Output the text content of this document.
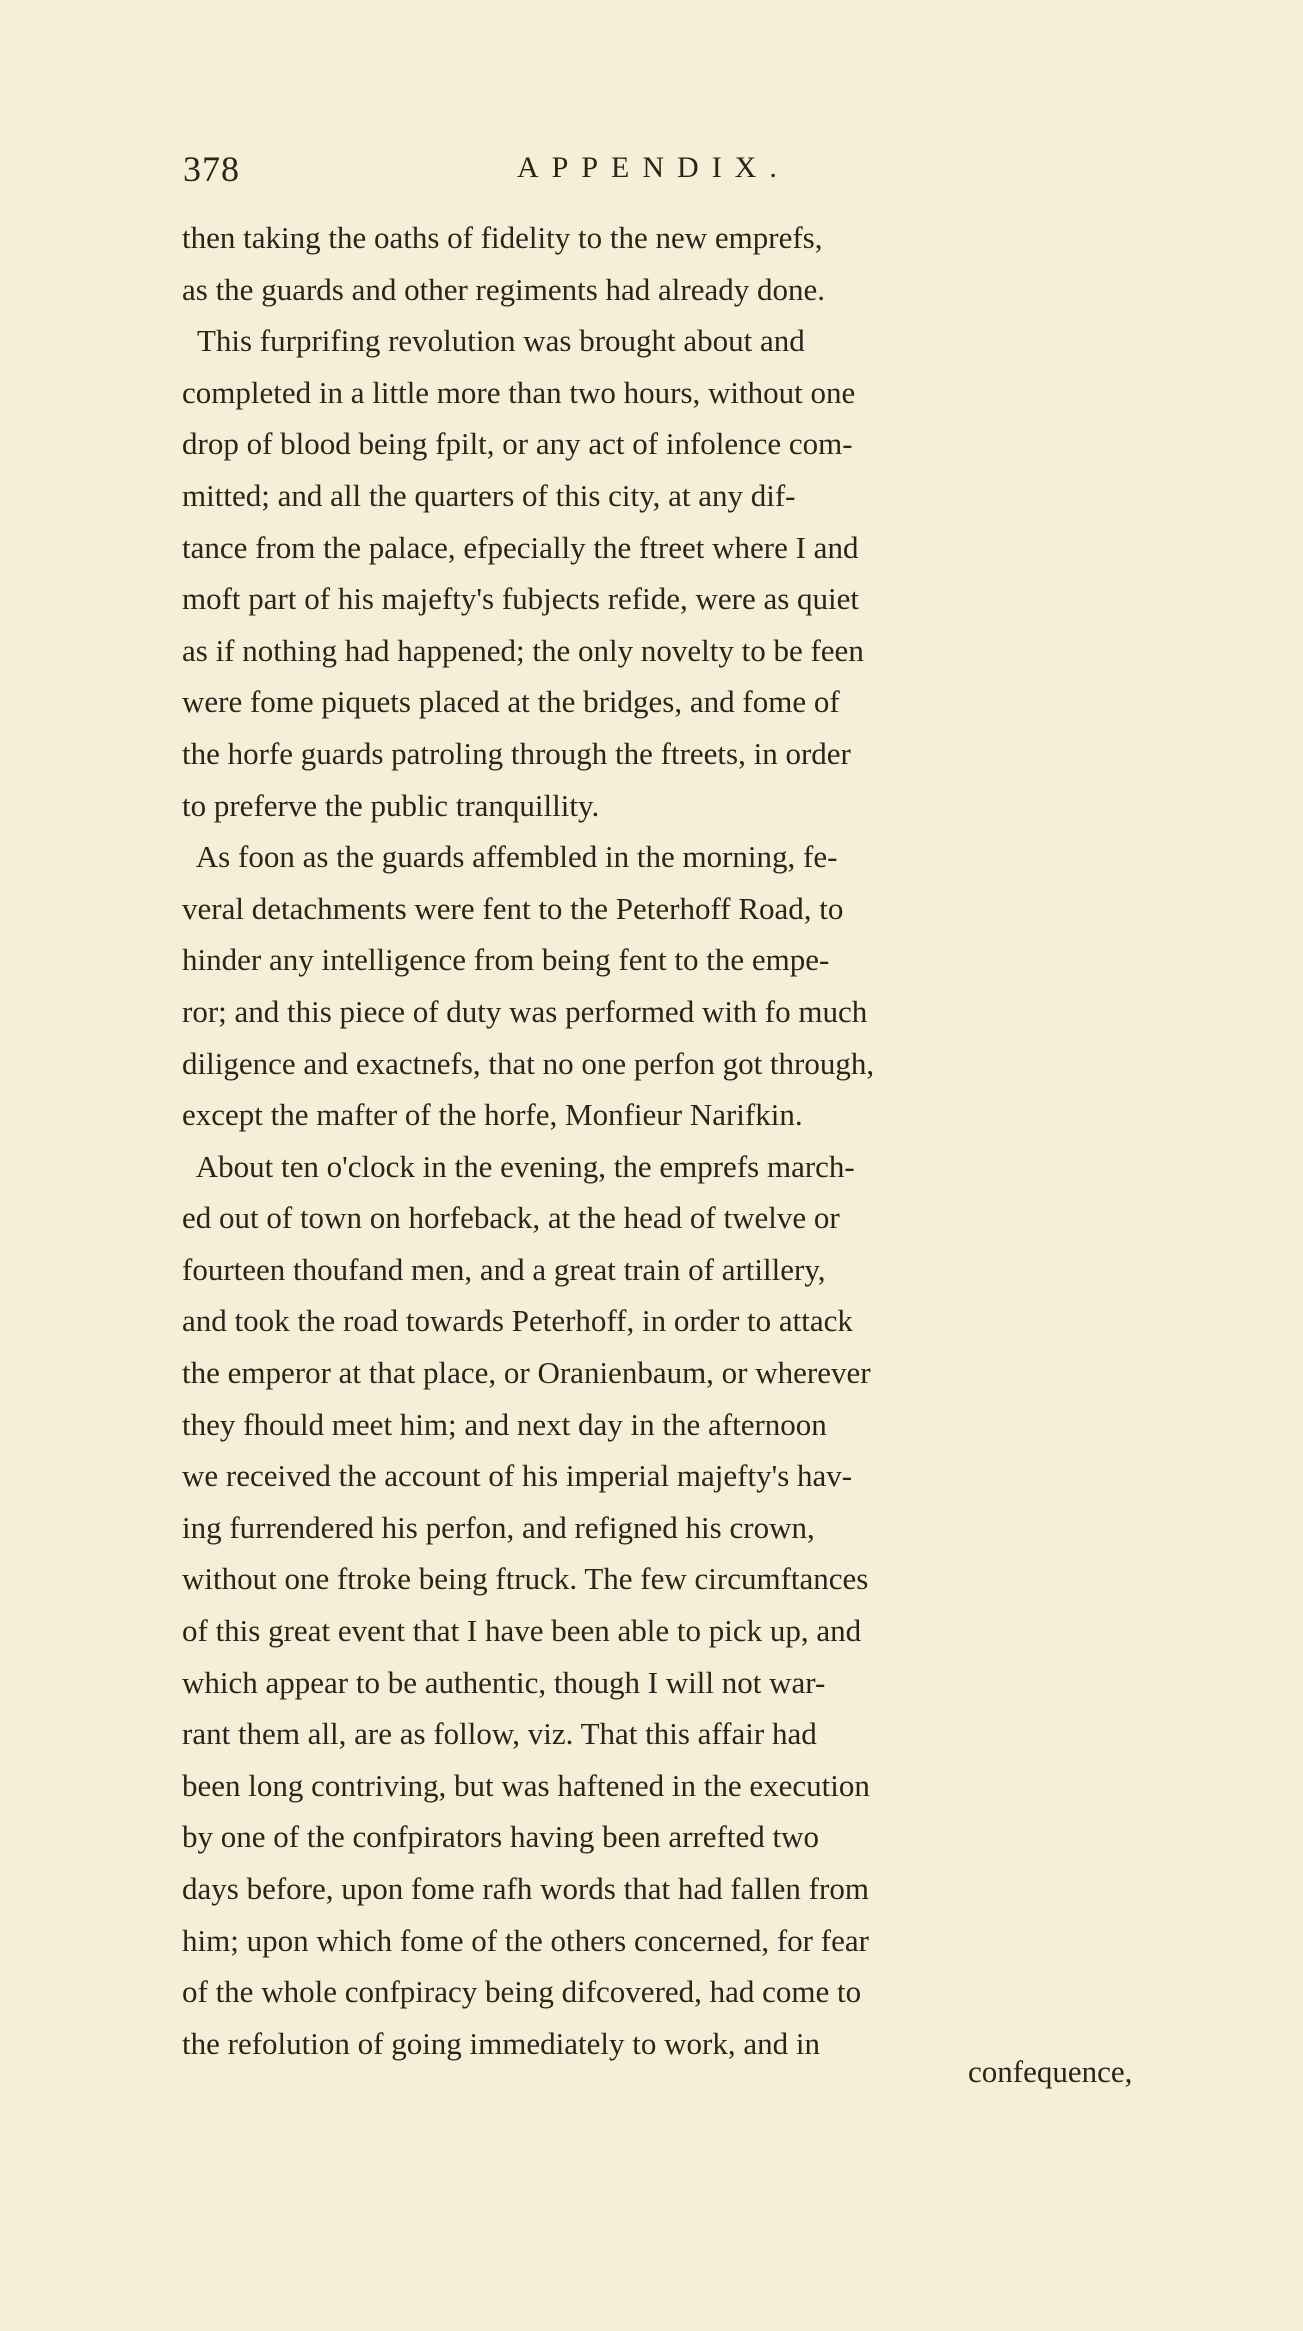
378	APPENDIX.
then taking the oaths of fidelity to the new emprefs,
as the guards and other regiments had already done.
This furprifing revolution was brought about and
completed in a little more than two hours, without one
drop of blood being fpilt, or any act of infolence com-
mitted; and all the quarters of this city, at any dif-
tance from the palace, efpecially the ftreet where I and
moft part of his majefty's fubjects refide, were as quiet
as if nothing had happened; the only novelty to be feen
were fome piquets placed at the bridges, and fome of
the horfe guards patroling through the ftreets, in order
to preferve the public tranquillity.
As foon as the guards affembled in the morning, fe-
veral detachments were fent to the Peterhoff Road, to
hinder any intelligence from being fent to the empe-
ror; and this piece of duty was performed with fo much
diligence and exactnefs, that no one perfon got through,
except the mafter of the horfe, Monfieur Narifkin.
About ten o'clock in the evening, the emprefs march-
ed out of town on horfeback, at the head of twelve or
fourteen thoufand men, and a great train of artillery,
and took the road towards Peterhoff, in order to attack
the emperor at that place, or Oranienbaum, or wherever
they fhould meet him; and next day in the afternoon
we received the account of his imperial majefty's hav-
ing furrendered his perfon, and refigned his crown,
without one ftroke being ftruck. The few circumftances
of this great event that I have been able to pick up, and
which appear to be authentic, though I will not war-
rant them all, are as follow, viz. That this affair had
been long contriving, but was haftened in the execution
by one of the confpirators having been arrefted two
days before, upon fome rafh words that had fallen from
him; upon which fome of the others concerned, for fear
of the whole confpiracy being difcovered, had come to
the refolution of going immediately to work, and in
confequence,
